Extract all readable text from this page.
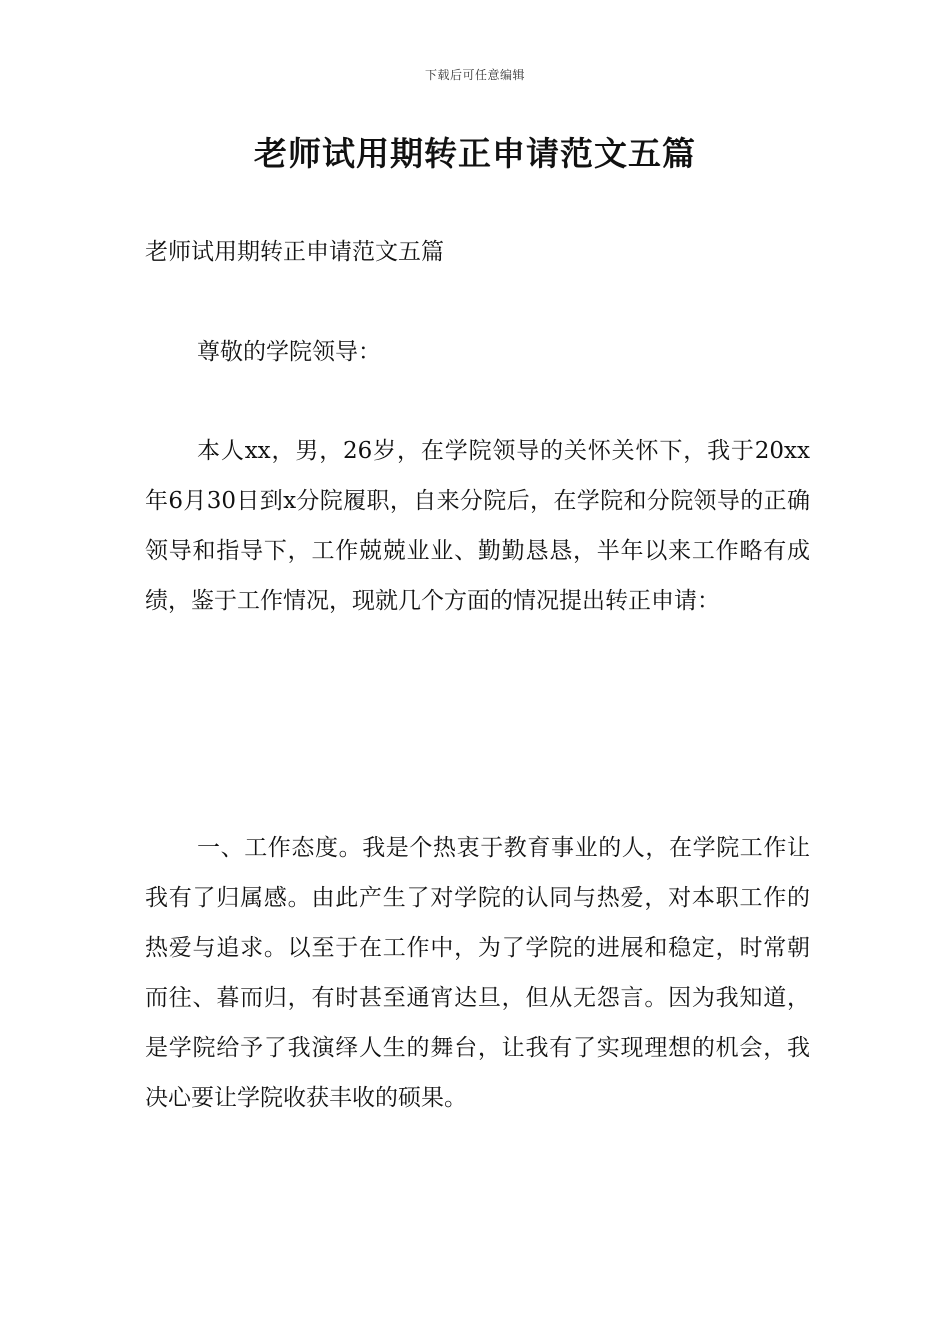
下载后可任意编辑
老师试用期转正申请范文五篇

老师试用期转正申请范文五篇

尊敬的学院领导：

本人xx，男，26岁，在学院领导的关怀关怀下，我于20xx年6月30日到x分院履职，自来分院后，在学院和分院领导的正确领导和指导下，工作兢兢业业、勤勤恳恳，半年以来工作略有成绩，鉴于工作情况，现就几个方面的情况提出转正申请：

一、工作态度。我是个热衷于教育事业的人，在学院工作让我有了归属感。由此产生了对学院的认同与热爱，对本职工作的热爱与追求。以至于在工作中，为了学院的进展和稳定，时常朝而往、暮而归，有时甚至通宵达旦，但从无怨言。因为我知道，是学院给予了我演绎人生的舞台，让我有了实现理想的机会，我决心要让学院收获丰收的硕果。
